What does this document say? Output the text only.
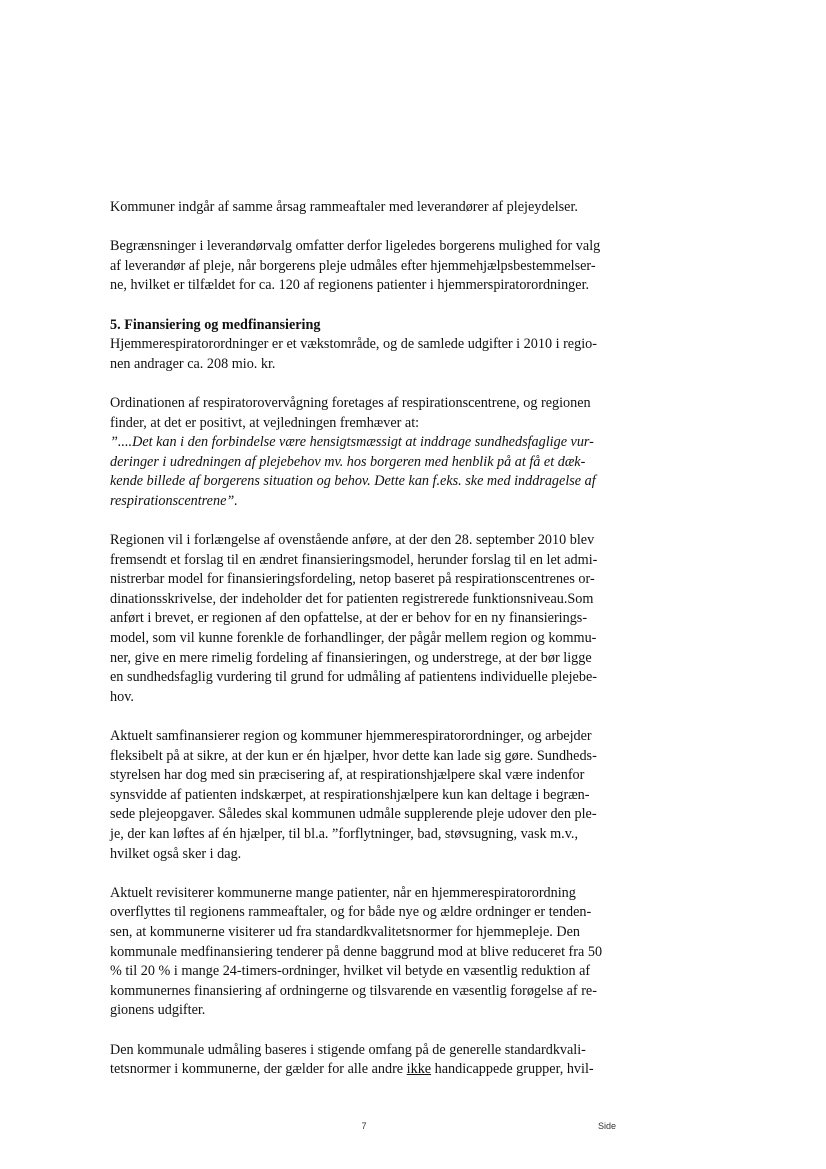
Kommuner indgår af samme årsag rammeaftaler med leverandører af plejeydelser.
Begrænsninger i leverandørvalg omfatter derfor ligeledes borgerens mulighed for valg
af leverandør af pleje, når borgerens pleje udmåles efter hjemmehjælpsbestemmelser-
ne, hvilket er tilfældet for ca. 120 af regionens patienter i hjemmerspiratorordninger.
5. Finansiering og medfinansiering
Hjemmerespiratorordninger er et vækstområde, og de samlede udgifter i 2010 i regio-
nen andrager ca. 208 mio. kr.
Ordinationen af respiratorovervågning foretages af respirationscentrene, og regionen
finder, at det er positivt, at vejledningen fremhæver at:
”....Det kan i den forbindelse være hensigtsmæssigt at inddrage sundhedsfaglige vur-
deringer i udredningen af plejebehov mv. hos borgeren med henblik på at få et dæk-
kende billede af borgerens situation og behov. Dette kan f.eks. ske med inddragelse af
respirationscentrene”.
Regionen vil i forlængelse af ovenstående anføre, at der den 28. september 2010 blev
fremsendt et forslag til en ændret finansieringsmodel, herunder forslag til en let admi-
nistrerbar model for finansieringsfordeling, netop baseret på respirationscentrenes or-
dinationsskrivelse, der indeholder det for patienten registrerede funktionsniveau.Som
anført i brevet, er regionen af den opfattelse, at der er behov for en ny finansierings-
model, som vil kunne forenkle de forhandlinger, der pågår mellem region og kommu-
ner, give en mere rimelig fordeling af finansieringen, og understrege, at der bør ligge
en sundhedsfaglig vurdering til grund for udmåling af patientens individuelle plejebe-
hov.
Aktuelt samfinansierer region og kommuner hjemmerespiratorordninger, og arbejder
fleksibelt på at sikre, at der kun er én hjælper, hvor dette kan lade sig gøre. Sundheds-
styrelsen har dog med sin præcisering af, at respirationshjælpere skal være indenfor
synsvidde af patienten indskærpet, at respirationshjælpere kun kan deltage i begræn-
sede plejeopgaver. Således skal kommunen udmåle supplerende pleje udover den ple-
je, der kan løftes af én hjælper, til bl.a. ”forflytninger, bad, støvsugning, vask m.v.,
hvilket også sker i dag.
Aktuelt revisiterer kommunerne mange patienter, når en hjemmerespiratorordning
overflyttes til regionens rammeaftaler, og for både nye og ældre ordninger er tenden-
sen, at kommunerne visiterer ud fra standardkvalitetsnormer for hjemmepleje. Den
kommunale medfinansiering tenderer på denne baggrund mod at blive reduceret fra 50
% til 20 % i mange 24-timers-ordninger, hvilket vil betyde en væsentlig reduktion af
kommunernes finansiering af ordningerne og tilsvarende en væsentlig forøgelse af re-
gionens udgifter.
Den kommunale udmåling baseres i stigende omfang på de generelle standardkvali-
tetsnormer i kommunerne, der gælder for alle andre ikke handicappede grupper, hvil-
7	Side
